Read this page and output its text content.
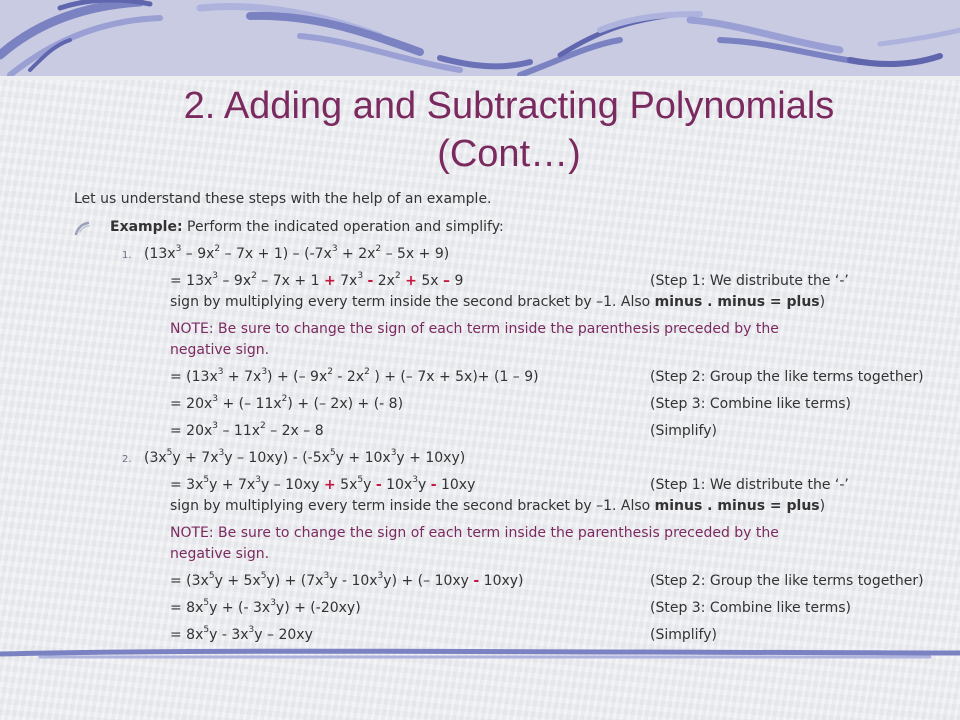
2. Adding and Subtracting Polynomials
(Cont…)
Let us understand these steps with the help of an example.
Example: Perform the indicated operation and simplify:
1. $(13x^3 - 9x^2 - 7x + 1) - (-7x^3 + 2x^2 - 5x + 9)$
= $13x^3 - 9x^2 - 7x + 1 + 7x^3 - 2x^2 + 5x - 9$	(Step 1: We distribute the ‘-’
sign by multiplying every term inside the second bracket by –1. Also minus . minus = plus)
NOTE: Be sure to change the sign of each term inside the parenthesis preceded by the
negative sign.
= $(13x^3 + 7x^3)$ + (– $9x^2 - 2x^2$ ) + (– 7x + 5x)+ (1 – 9)	(Step 2: Group the like terms together)
= $20x^3$ + (– $11x^2$) + (– 2x) + (- 8)	(Step 3: Combine like terms)
= $20x^3 - 11x^2 - 2x - 8$	(Simplify)
2. $(3x^5y + 7x^3y - 10xy) - (-5x^5y + 10x^3y + 10xy)$
= $3x^5y + 7x^3y - 10xy + 5x^5y - 10x^3y - 10xy$	(Step 1: We distribute the ‘-’
sign by multiplying every term inside the second bracket by –1. Also minus . minus = plus)
NOTE: Be sure to change the sign of each term inside the parenthesis preceded by the
negative sign.
= $(3x^5y + 5x^5y) + (7x^3y - 10x^3y)$ + (– 10xy - 10xy)	(Step 2: Group the like terms together)
= $8x^5y$ + (- $3x^3y) + (-20xy)$	(Step 3: Combine like terms)
= $8x^5y - 3x^3y - 20xy$	(Simplify)
